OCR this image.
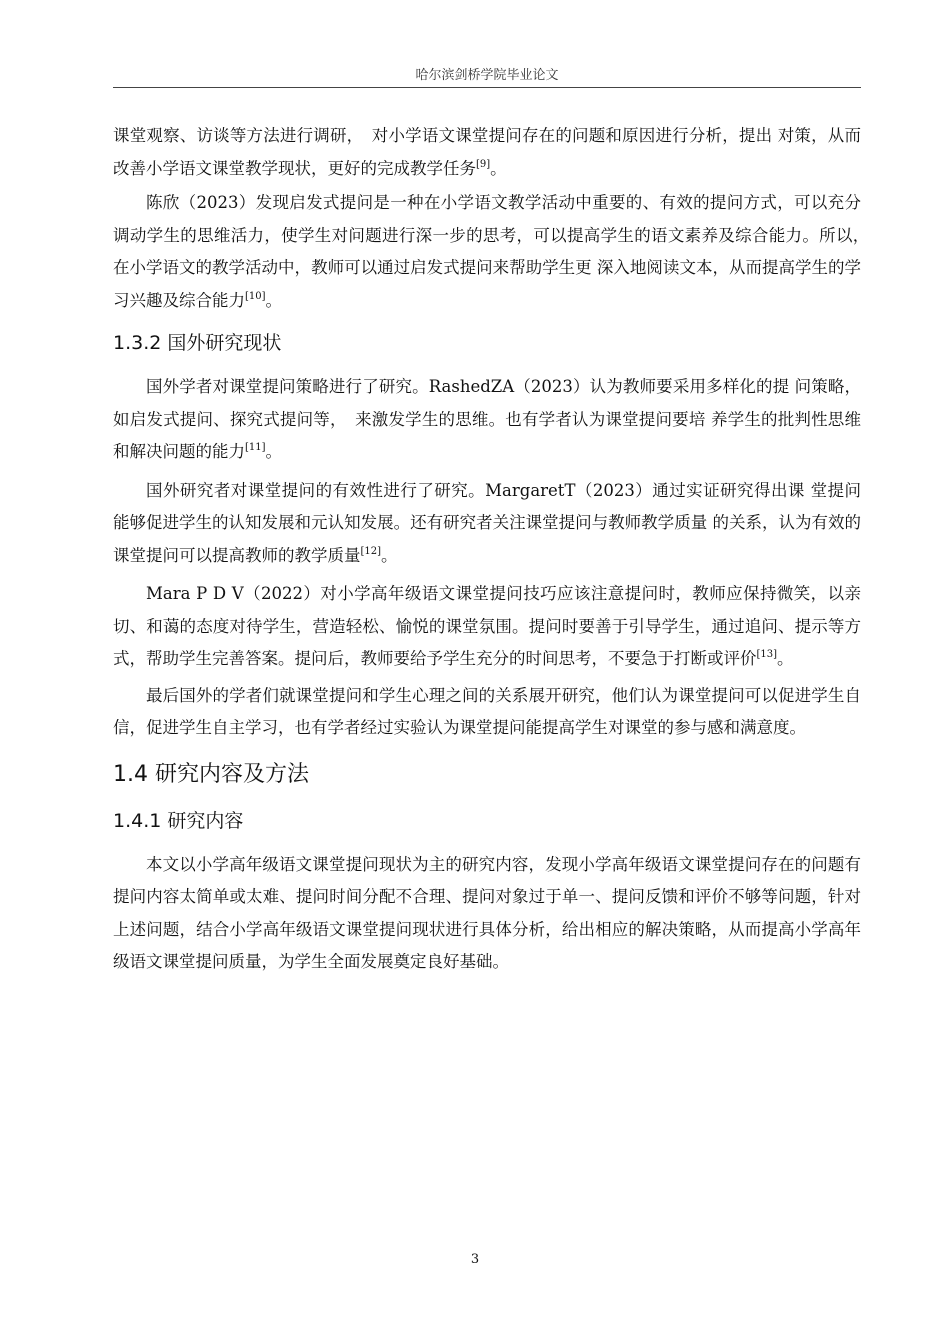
哈尔滨剑桥学院毕业论文

课堂观察、访谈等方法进行调研，　对小学语文课堂提问存在的问题和原因进行分析，提出 对策，从而改善小学语文课堂教学现状，更好的完成教学任务[9]。

陈欣（2023）发现启发式提问是一种在小学语文教学活动中重要的、有效的提问方式，可以充分调动学生的思维活力，使学生对问题进行深一步的思考，可以提高学生的语文素养及综合能力。所以，　在小学语文的教学活动中，教师可以通过启发式提问来帮助学生更 深入地阅读文本，从而提高学生的学习兴趣及综合能力[10]。

1.3.2 国外研究现状

国外学者对课堂提问策略进行了研究。RashedZA（2023）认为教师要采用多样化的提 问策略，如启发式提问、探究式提问等，　来激发学生的思维。也有学者认为课堂提问要培 养学生的批判性思维和解决问题的能力[11]。

国外研究者对课堂提问的有效性进行了研究。MargaretT（2023）通过实证研究得出课 堂提问能够促进学生的认知发展和元认知发展。还有研究者关注课堂提问与教师教学质量 的关系，认为有效的课堂提问可以提高教师的教学质量[12]。

Mara P D V（2022）对小学高年级语文课堂提问技巧应该注意提问时，教师应保持微笑，以亲切、和蔼的态度对待学生，营造轻松、愉悦的课堂氛围。提问时要善于引导学生，通过追问、提示等方式，帮助学生完善答案。提问后，教师要给予学生充分的时间思考，不要急于打断或评价[13]。

最后国外的学者们就课堂提问和学生心理之间的关系展开研究，他们认为课堂提问可以促进学生自信，促进学生自主学习，也有学者经过实验认为课堂提问能提高学生对课堂的参与感和满意度。

1.4 研究内容及方法
1.4.1 研究内容

本文以小学高年级语文课堂提问现状为主的研究内容，发现小学高年级语文课堂提问存在的问题有提问内容太简单或太难、提问时间分配不合理、提问对象过于单一、提问反馈和评价不够等问题，针对上述问题，结合小学高年级语文课堂提问现状进行具体分析，给出相应的解决策略，从而提高小学高年级语文课堂提问质量，为学生全面发展奠定良好基础。

3
